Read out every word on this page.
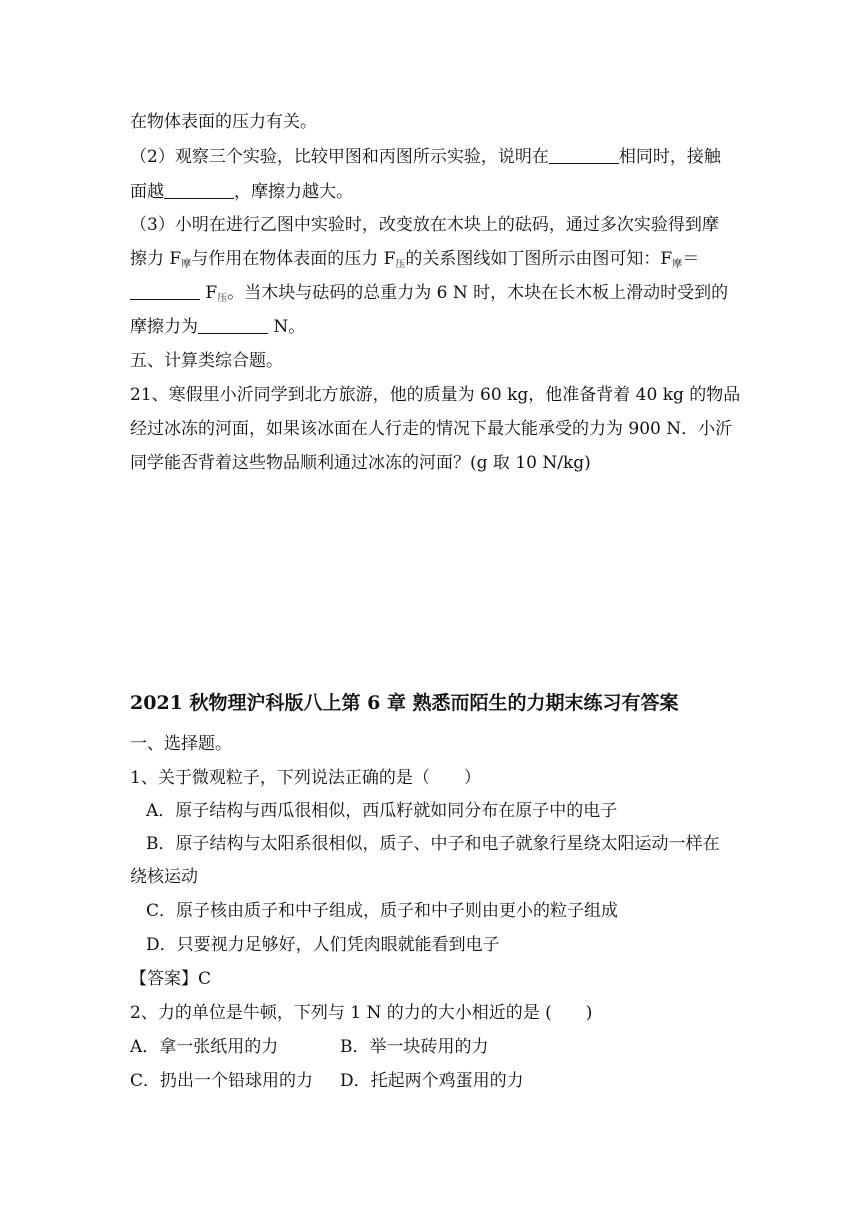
在物体表面的压力有关。
（2）观察三个实验，比较甲图和丙图所示实验，说明在	相同时，接触
面越	，摩擦力越大。
（3）小明在进行乙图中实验时，改变放在木块上的砝码，通过多次实验得到摩
擦力 $F_摩$与作用在物体表面的压力 $F_压$的关系图线如丁图所示由图可知：$F_摩=$
$F_压$。当木块与砝码的总重力为 6 N 时，木块在长木板上滑动时受到的
摩擦力为	N。
五、计算类综合题。
21、寒假里小沂同学到北方旅游，他的质量为 60 kg，他准备背着 40 kg 的物品
经过冰冻的河面，如果该冰面在人行走的情况下最大能承受的力为 900 N．小沂
同学能否背着这些物品顺利通过冰冻的河面？(g 取 10 N/kg)
2021 秋物理沪科版八上第 6 章 熟悉而陌生的力期末练习有答案
一、选择题。
1、关于微观粒子，下列说法正确的是（　　）
A．原子结构与西瓜很相似，西瓜籽就如同分布在原子中的电子
B．原子结构与太阳系很相似，质子、中子和电子就象行星绕太阳运动一样在
绕核运动
C．原子核由质子和中子组成，质子和中子则由更小的粒子组成
D．只要视力足够好，人们凭肉眼就能看到电子
【答案】C
2、力的单位是牛顿，下列与 1 N 的力的大小相近的是 (　　)
A．拿一张纸用的力	B．举一块砖用的力
C．扔出一个铅球用的力 D．托起两个鸡蛋用的力
